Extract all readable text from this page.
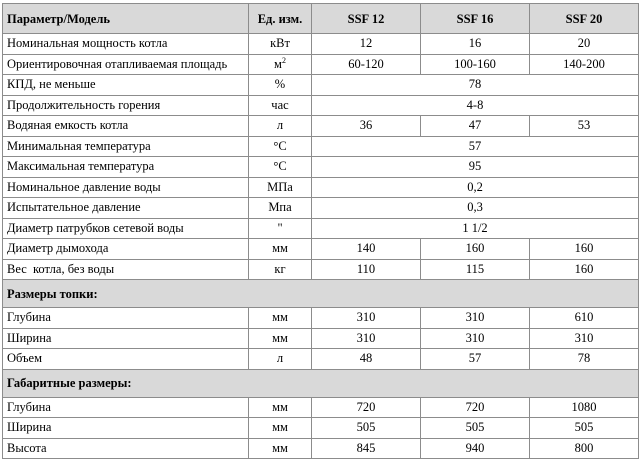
Параметр/Модель	Ед. изм.	SSF 12	SSF 16	SSF 20
Номинальная мощность котла	кВт	12	16	20
Ориентировочная отапливаемая площадь	$м^2$	60-120	100-160	140-200
КПД, не меньше	%	78		
Продолжительность горения	час	4-8		
Водяная емкость котла	л	36	47	53
Минимальная температура	°С	57		
Максимальная температура	°С	95		
Номинальное давление воды	МПа	0,2		
Испытательное давление	Мпа	0,3		
Диаметр патрубков сетевой воды	"	1 1/2		
Диаметр дымохода	мм	140	160	160
Вес  котла, без воды	кг	110	115	160
Размеры топки:				
Глубина	мм	310	310	610
Ширина	мм	310	310	310
Объем	л	48	57	78
Габаритные размеры:				
Глубина	мм	720	720	1080
Ширина	мм	505	505	505
Высота	мм	845	940	800
